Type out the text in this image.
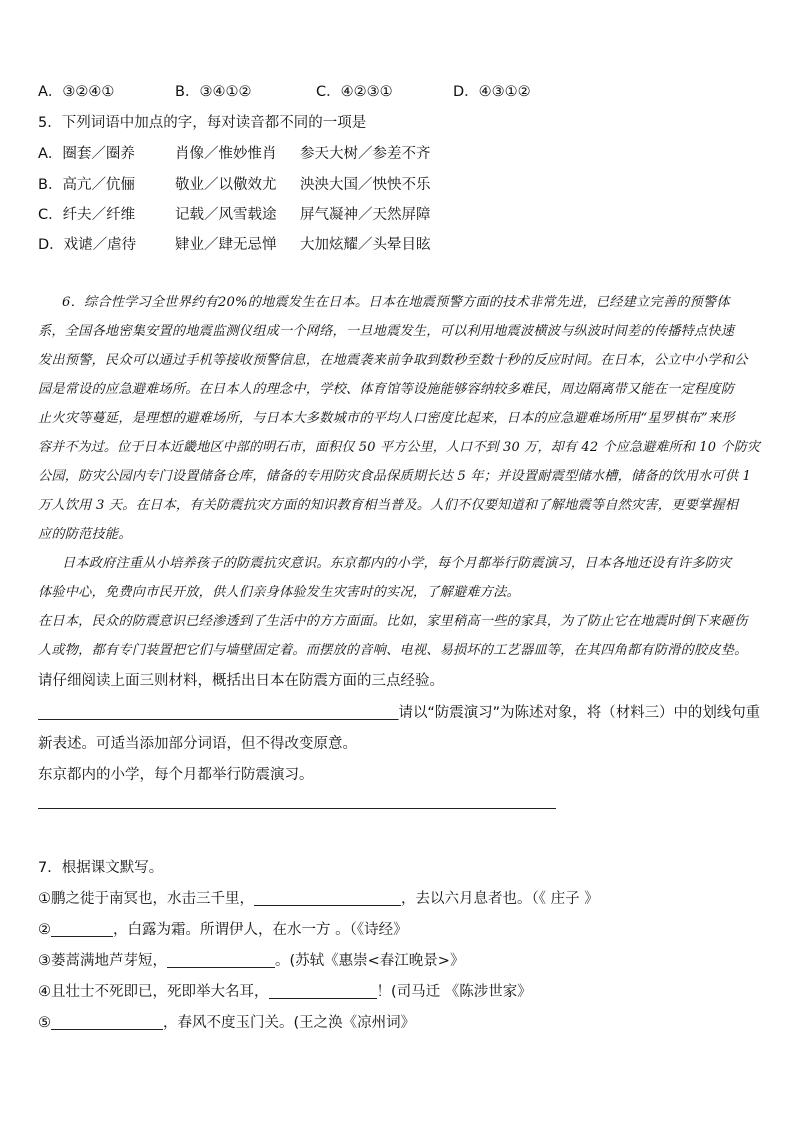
A．③②④①	B．③④①②	C．④②③①	D．④③①②
5．下列词语中加点的字，每对读音都不同的一项是
A．圈套／圈养	肖像／惟妙惟肖 参天大树／参差不齐
B．高亢／伉俪	敬业／以儆效尤 泱泱大国／怏怏不乐
C．纤夫／纤维	记载／风雪载途 屏气凝神／天然屏障
D．戏谑／虐待	肄业／肆无忌惮 大加炫耀／头晕目眩
6．综合性学习全世界约有20%的地震发生在日本。日本在地震预警方面的技术非常先进，已经建立完善的预警体
系，全国各地密集安置的地震监测仪组成一个网络，一旦地震发生，可以利用地震波横波与纵波时间差的传播特点快速
发出预警，民众可以通过手机等接收预警信息，在地震袭来前争取到数秒至数十秒的反应时间。在日本，公立中小学和公
园是常设的应急避难场所。在日本人的理念中，学校、体育馆等设施能够容纳较多难民，周边隔离带又能在一定程度防
止火灾等蔓延，是理想的避难场所，与日本大多数城市的平均人口密度比起来，日本的应急避难场所用“星罗棋布”来形
容并不为过。位于日本近畿地区中部的明石市，面积仅 50 平方公里，人口不到 30 万，却有 42 个应急避难所和 10 个防灾
公园，防灾公园内专门设置储备仓库，储备的专用防灾食品保质期长达 5 年；并设置耐震型储水槽，储备的饮用水可供 1
万人饮用 3 天。在日本，有关防震抗灾方面的知识教育相当普及。人们不仅要知道和了解地震等自然灾害，更要掌握相
应的防范技能。
日本政府注重从小培养孩子的防震抗灾意识。东京都内的小学，每个月都举行防震演习，日本各地还设有许多防灾
体验中心，免费向市民开放，供人们亲身体验发生灾害时的实况，了解避难方法。
在日本，民众的防震意识已经渗透到了生活中的方方面面。比如，家里稍高一些的家具，为了防止它在地震时倒下来砸伤
人或物，都有专门装置把它们与墙壁固定着。而摆放的音响、电视、易损坏的工艺器皿等，在其四角都有防滑的胶皮垫。
请仔细阅读上面三则材料，概括出日本在防震方面的三点经验。
请以“防震演习”为陈述对象，将（材料三）中的划线句重
新表述。可适当添加部分词语，但不得改变原意。
东京都内的小学，每个月都举行防震演习。
7．根据课文默写。
①鹏之徙于南冥也，水击三千里，	，去以六月息者也。（《 庄子 》
②	，白露为霜。所谓伊人，在水一方 。（《诗经》
③蒌蒿满地芦芽短，	。(苏轼《惠崇<春江晚景>》
④且壮士不死即已，死即举大名耳，	！(司马迁 《陈涉世家》
⑤	，春风不度玉门关。(王之涣《凉州词》
